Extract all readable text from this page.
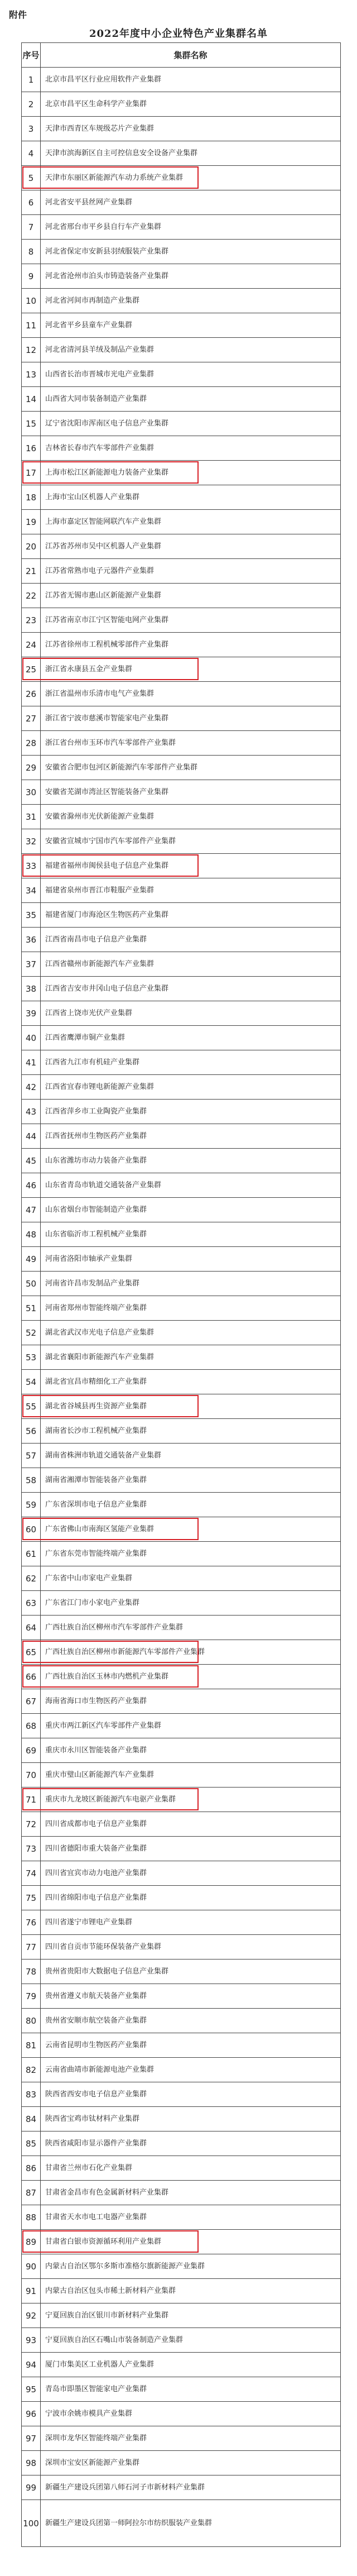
附件
2022年度中小企业特色产业集群名单
序号	集群名称
1	北京市昌平区行业应用软件产业集群
2	北京市昌平区生命科学产业集群
3	天津市西青区车规级芯片产业集群
4	天津市滨海新区自主可控信息安全设备产业集群
5	天津市东丽区新能源汽车动力系统产业集群
6	河北省安平县丝网产业集群
7	河北省邢台市平乡县自行车产业集群
8	河北省保定市安新县羽绒服装产业集群
9	河北省沧州市泊头市铸造装备产业集群
10	河北省河间市再制造产业集群
11	河北省平乡县童车产业集群
12	河北省清河县羊绒及制品产业集群
13	山西省长治市晋城市光电产业集群
14	山西省大同市装备制造产业集群
15	辽宁省沈阳市浑南区电子信息产业集群
16	吉林省长春市汽车零部件产业集群
17	上海市松江区新能源电力装备产业集群
18	上海市宝山区机器人产业集群
19	上海市嘉定区智能网联汽车产业集群
20	江苏省苏州市吴中区机器人产业集群
21	江苏省常熟市电子元器件产业集群
22	江苏省无锡市惠山区新能源产业集群
23	江苏省南京市江宁区智能电网产业集群
24	江苏省徐州市工程机械零部件产业集群
25	浙江省永康县五金产业集群
26	浙江省温州市乐清市电气产业集群
27	浙江省宁波市慈溪市智能家电产业集群
28	浙江省台州市玉环市汽车零部件产业集群
29	安徽省合肥市包河区新能源汽车零部件产业集群
30	安徽省芜湖市湾沚区智能装备产业集群
31	安徽省滁州市光伏新能源产业集群
32	安徽省宣城市宁国市汽车零部件产业集群
33	福建省福州市闽侯县电子信息产业集群
34	福建省泉州市晋江市鞋服产业集群
35	福建省厦门市海沧区生物医药产业集群
36	江西省南昌市电子信息产业集群
37	江西省赣州市新能源汽车产业集群
38	江西省吉安市井冈山电子信息产业集群
39	江西省上饶市光伏产业集群
40	江西省鹰潭市铜产业集群
41	江西省九江市有机硅产业集群
42	江西省宜春市锂电新能源产业集群
43	江西省萍乡市工业陶瓷产业集群
44	江西省抚州市生物医药产业集群
45	山东省潍坊市动力装备产业集群
46	山东省青岛市轨道交通装备产业集群
47	山东省烟台市智能制造产业集群
48	山东省临沂市工程机械产业集群
49	河南省洛阳市轴承产业集群
50	河南省许昌市发制品产业集群
51	河南省郑州市智能终端产业集群
52	湖北省武汉市光电子信息产业集群
53	湖北省襄阳市新能源汽车产业集群
54	湖北省宜昌市精细化工产业集群
55	湖北省谷城县再生资源产业集群
56	湖南省长沙市工程机械产业集群
57	湖南省株洲市轨道交通装备产业集群
58	湖南省湘潭市智能装备产业集群
59	广东省深圳市电子信息产业集群
60	广东省佛山市南海区氢能产业集群
61	广东省东莞市智能终端产业集群
62	广东省中山市家电产业集群
63	广东省江门市小家电产业集群
64	广西壮族自治区柳州市汽车零部件产业集群
65	广西壮族自治区柳州市新能源汽车零部件产业集群
66	广西壮族自治区玉林市内燃机产业集群
67	海南省海口市生物医药产业集群
68	重庆市两江新区汽车零部件产业集群
69	重庆市永川区智能装备产业集群
70	重庆市璧山区新能源汽车产业集群
71	重庆市九龙坡区新能源汽车电驱产业集群
72	四川省成都市电子信息产业集群
73	四川省德阳市重大装备产业集群
74	四川省宜宾市动力电池产业集群
75	四川省绵阳市电子信息产业集群
76	四川省遂宁市锂电产业集群
77	四川省自贡市节能环保装备产业集群
78	贵州省贵阳市大数据电子信息产业集群
79	贵州省遵义市航天装备产业集群
80	贵州省安顺市航空装备产业集群
81	云南省昆明市生物医药产业集群
82	云南省曲靖市新能源电池产业集群
83	陕西省西安市电子信息产业集群
84	陕西省宝鸡市钛材料产业集群
85	陕西省咸阳市显示器件产业集群
86	甘肃省兰州市石化产业集群
87	甘肃省金昌市有色金属新材料产业集群
88	甘肃省天水市电工电器产业集群
89	甘肃省白银市资源循环利用产业集群
90	内蒙古自治区鄂尔多斯市准格尔旗新能源产业集群
91	内蒙古自治区包头市稀土新材料产业集群
92	宁夏回族自治区银川市新材料产业集群
93	宁夏回族自治区石嘴山市装备制造产业集群
94	厦门市集美区工业机器人产业集群
95	青岛市即墨区智能家电产业集群
96	宁波市余姚市模具产业集群
97	深圳市龙华区智能终端产业集群
98	深圳市宝安区新能源产业集群
99	新疆生产建设兵团第八师石河子市新材料产业集群
100 新疆生产建设兵团第一师阿拉尔市纺织服装产业集群
